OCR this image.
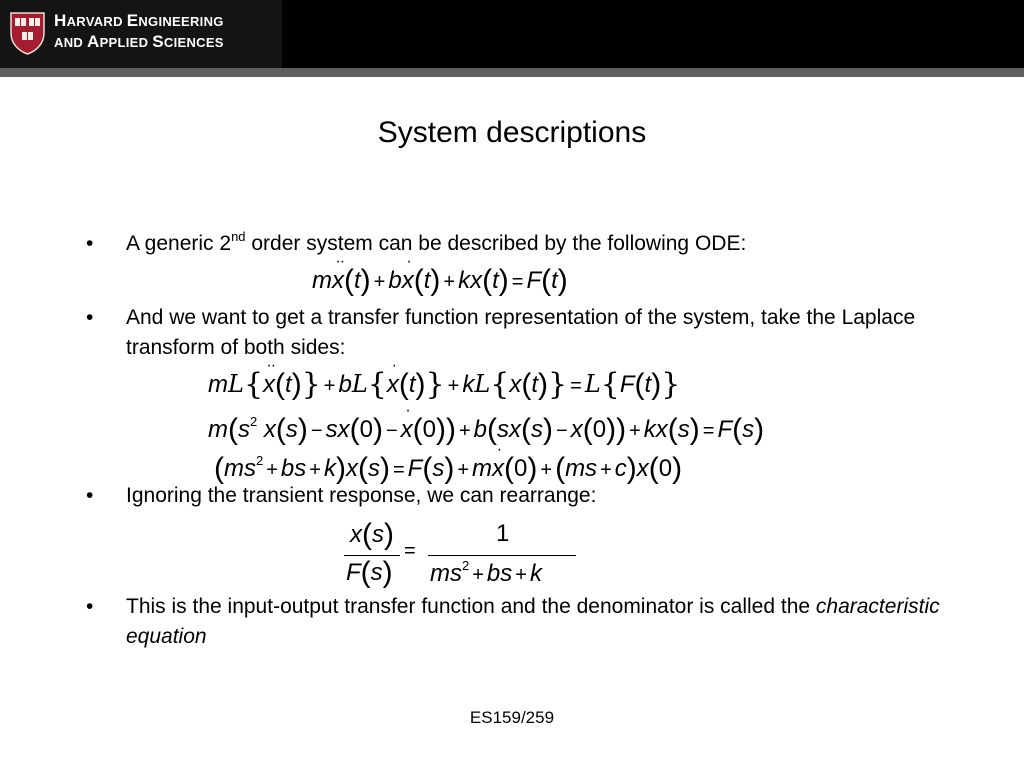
HARVARD ENGINEERING
AND APPLIED SCIENCES
System descriptions
• A generic 2nd order system can be described by the following ODE:
mx ··(t) + bx ·(t) + kx(t) = F(t)
• And we want to get a transfer function representation of the system, take the Laplace transform of both sides:
mL{x ··(t)} + bL{x ·(t)} + kL{x(t)} = L{F(t)}
$m(s^2$ x(s) − sx(0) − x ·(0)) + b(sx(s) − x(0)) + kx(s) = F(s)
($ms^2$ + bs + k)x(s) = F(s) + mx ·(0) + (ms + c)x(0)
• Ignoring the transient response, we can rearrange:
x(s)
F(s)
=
1
$ms^2$ + bs + k
• This is the input-output transfer function and the denominator is called the characteristic equation
ES159/259
